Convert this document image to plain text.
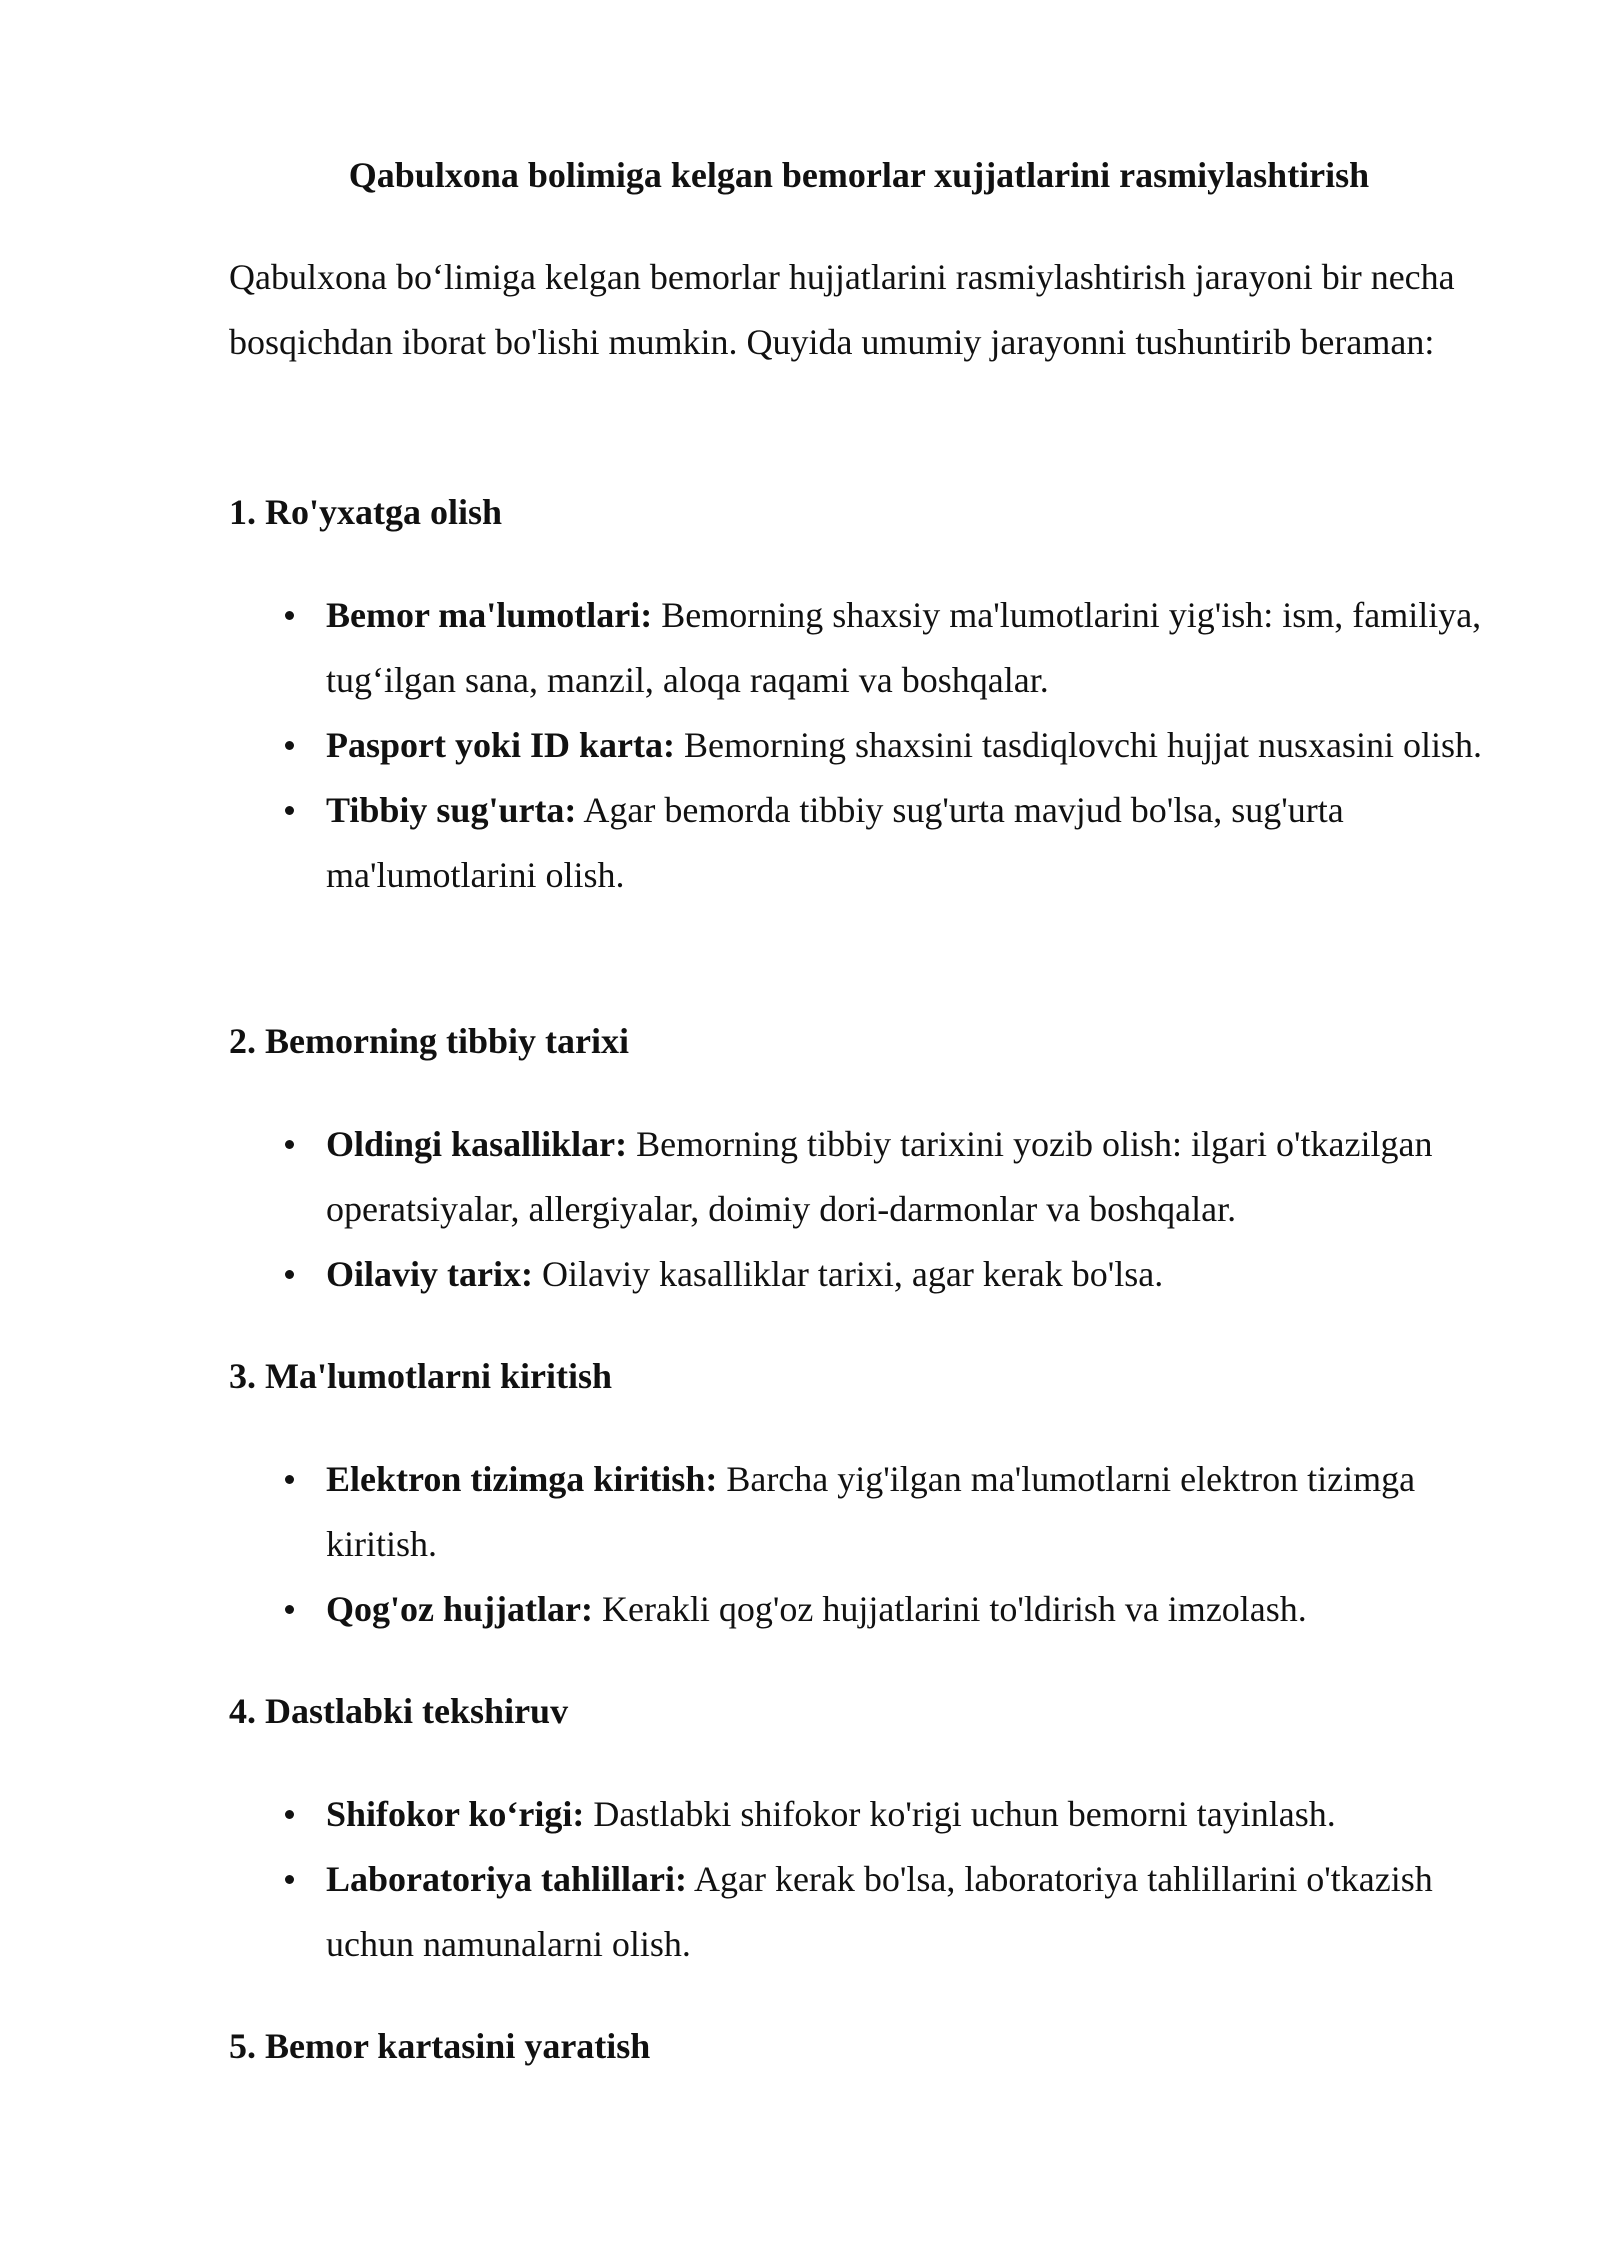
Qabulxona bolimiga kelgan bemorlar xujjatlarini rasmiylashtirish

Qabulxona bo‘limiga kelgan bemorlar hujjatlarini rasmiylashtirish jarayoni bir necha bosqichdan iborat bo'lishi mumkin. Quyida umumiy jarayonni tushuntirib beraman:

1. Ro'yxatga olish
Bemor ma'lumotlari: Bemorning shaxsiy ma'lumotlarini yig'ish: ism, familiya, tug‘ilgan sana, manzil, aloqa raqami va boshqalar.
Pasport yoki ID karta: Bemorning shaxsini tasdiqlovchi hujjat nusxasini olish.
Tibbiy sug'urta: Agar bemorda tibbiy sug'urta mavjud bo'lsa, sug'urta ma'lumotlarini olish.
2. Bemorning tibbiy tarixi
Oldingi kasalliklar: Bemorning tibbiy tarixini yozib olish: ilgari o'tkazilgan operatsiyalar, allergiyalar, doimiy dori-darmonlar va boshqalar.
Oilaviy tarix: Oilaviy kasalliklar tarixi, agar kerak bo'lsa.
3. Ma'lumotlarni kiritish
Elektron tizimga kiritish: Barcha yig'ilgan ma'lumotlarni elektron tizimga kiritish.
Qog'oz hujjatlar: Kerakli qog'oz hujjatlarini to'ldirish va imzolash.
4. Dastlabki tekshiruv
Shifokor ko‘rigi: Dastlabki shifokor ko'rigi uchun bemorni tayinlash.
Laboratoriya tahlillari: Agar kerak bo'lsa, laboratoriya tahlillarini o'tkazish uchun namunalarni olish.
5. Bemor kartasini yaratish
